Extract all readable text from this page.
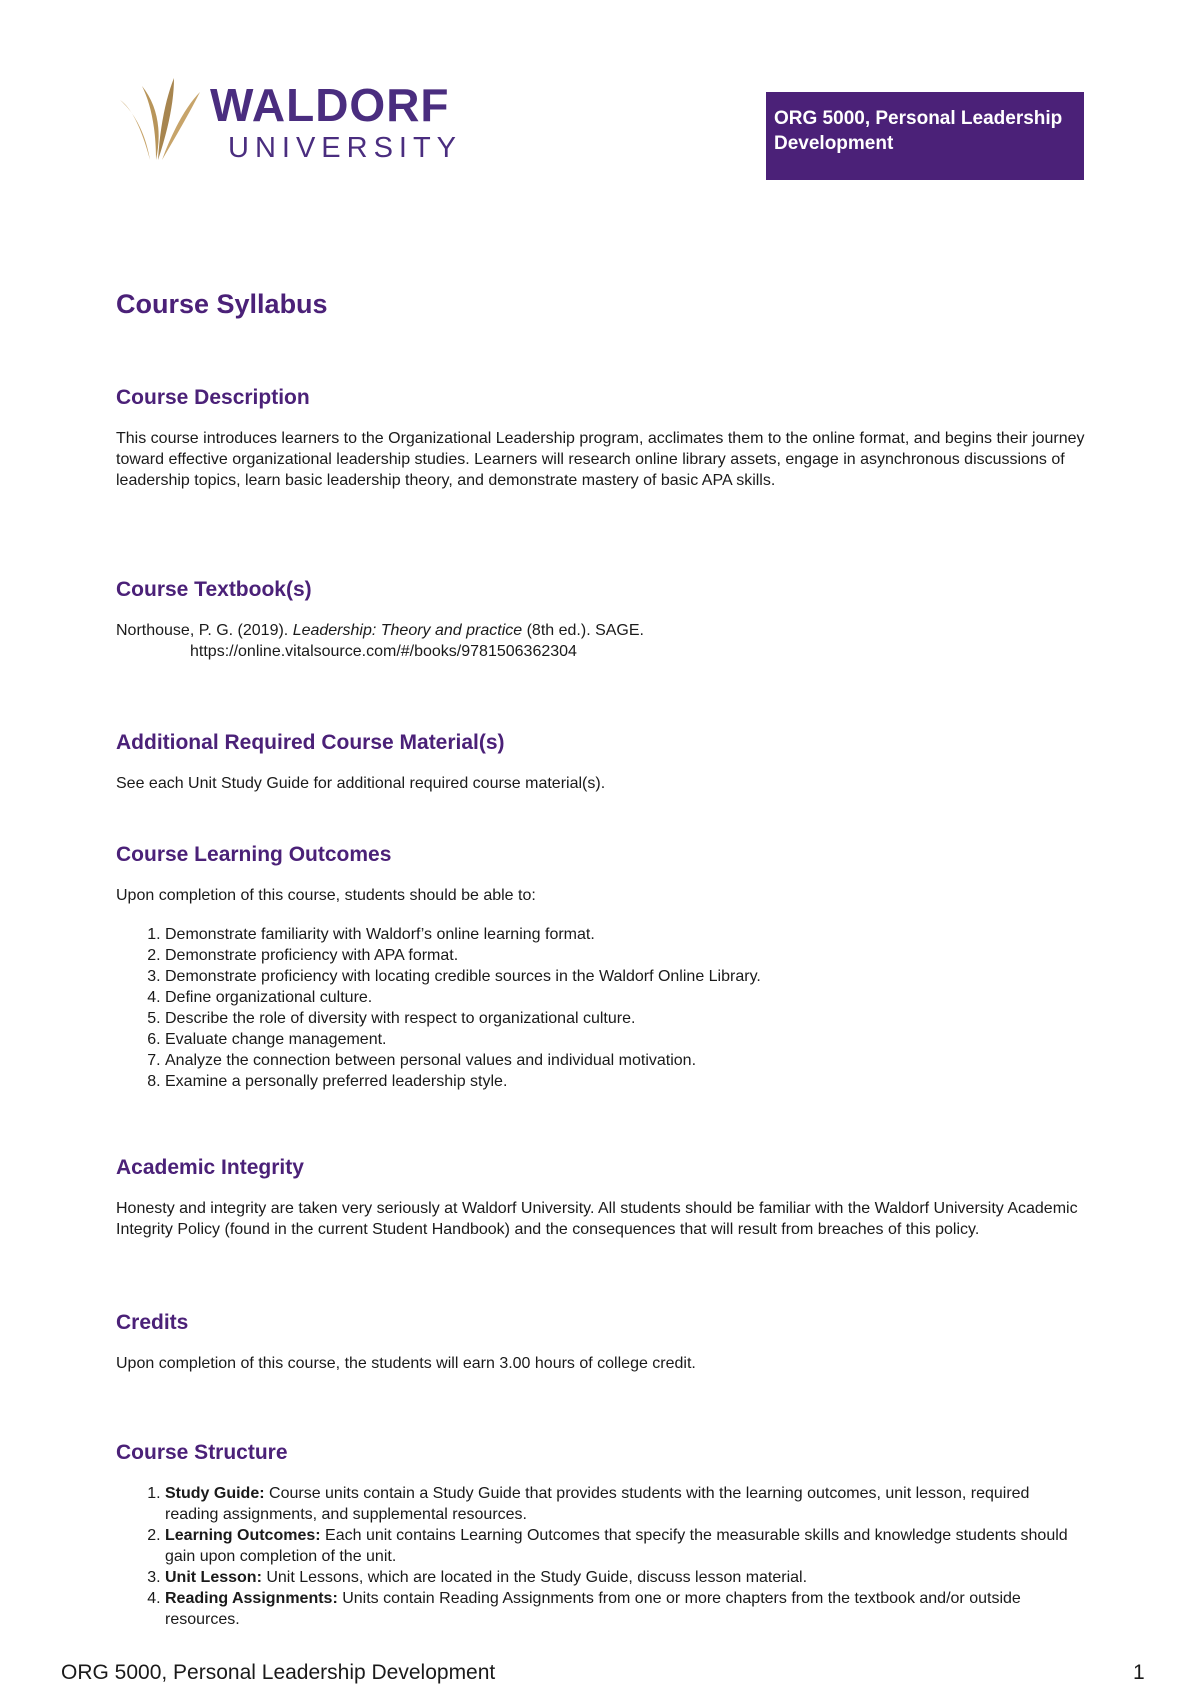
WALDORF
UNIVERSITY
ORG 5000, Personal Leadership Development
Course Syllabus
Course Description

This course introduces learners to the Organizational Leadership program, acclimates them to the online format, and begins their journey toward effective organizational leadership studies. Learners will research online library assets, engage in asynchronous discussions of leadership topics, learn basic leadership theory, and demonstrate mastery of basic APA skills.

Course Textbook(s)

Northouse, P. G. (2019). Leadership: Theory and practice (8th ed.). SAGE.

https://online.vitalsource.com/#/books/9781506362304

Additional Required Course Material(s)

See each Unit Study Guide for additional required course material(s).

Course Learning Outcomes

Upon completion of this course, students should be able to:

1. Demonstrate familiarity with Waldorf’s online learning format.
2. Demonstrate proficiency with APA format.
3. Demonstrate proficiency with locating credible sources in the Waldorf Online Library.
4. Define organizational culture.
5. Describe the role of diversity with respect to organizational culture.
6. Evaluate change management.
7. Analyze the connection between personal values and individual motivation.
8. Examine a personally preferred leadership style.
Academic Integrity

Honesty and integrity are taken very seriously at Waldorf University. All students should be familiar with the Waldorf University Academic Integrity Policy (found in the current Student Handbook) and the consequences that will result from breaches of this policy.

Credits

Upon completion of this course, the students will earn 3.00 hours of college credit.

Course Structure
1. Study Guide: Course units contain a Study Guide that provides students with the learning outcomes, unit lesson, required reading assignments, and supplemental resources.
2. Learning Outcomes: Each unit contains Learning Outcomes that specify the measurable skills and knowledge students should gain upon completion of the unit.
3. Unit Lesson: Unit Lessons, which are located in the Study Guide, discuss lesson material.
4. Reading Assignments: Units contain Reading Assignments from one or more chapters from the textbook and/or outside resources.
ORG 5000, Personal Leadership Development	1
